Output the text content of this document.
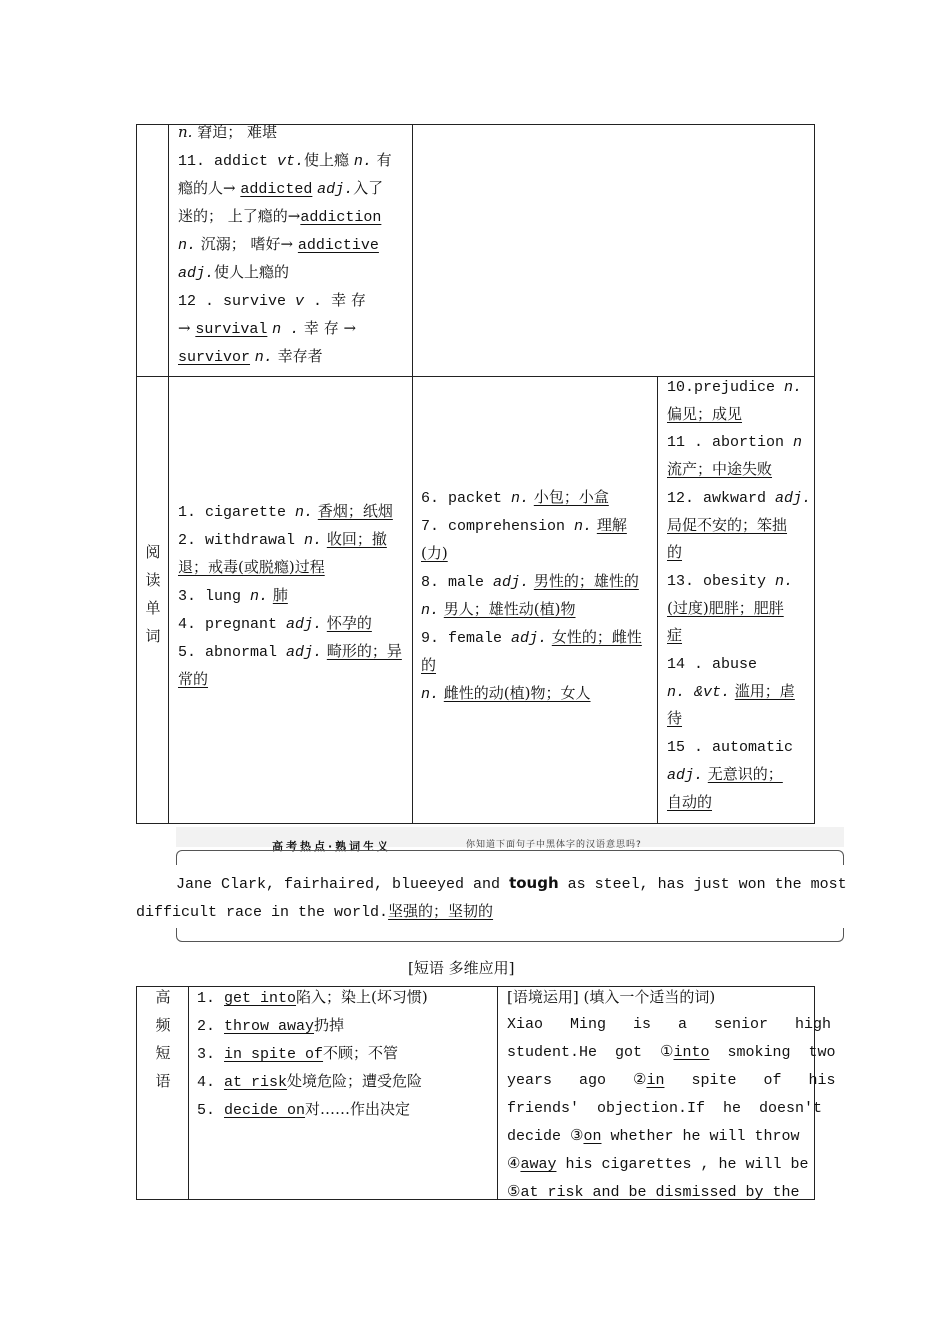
n. 窘迫； 难堪
11. addict vt.使上瘾 n. 有
瘾的人→ addicted adj.入了
迷的； 上了瘾的→addiction
n. 沉溺； 嗜好→ addictive
adj.使人上瘾的
12 . survive v . 幸 存
→ survival n . 幸 存 →
survivor n. 幸存者
阅
读
单
词
1. cigarette n. 香烟；纸烟
2. withdrawal n. 收回；撤
退；戒毒(或脱瘾)过程
3. lung n. 肺
4. pregnant adj. 怀孕的
5. abnormal adj. 畸形的；异
常的
6. packet n. 小包；小盒
7. comprehension n. 理解
(力)
8. male adj. 男性的；雄性的
n. 男人；雄性动(植)物
9. female adj. 女性的；雌性
的
n. 雌性的动(植)物；女人
10.prejudice n.
偏见；成见
11 . abortion n
流产；中途失败
12. awkward adj.
局促不安的；笨拙
的
13. obesity n.
(过度)肥胖；肥胖
症
14 . abuse
n. &vt. 滥用；虐
待
15 . automatic
adj. 无意识的；
自动的
高考热点·熟词生义	你知道下面句子中黑体字的汉语意思吗?
Jane Clark, fairhaired, blueeyed and tough as steel, has just won the most
difficult race in the world.坚强的；坚韧的
[短语 多维应用]
高
频
短
语
1. get into陷入；染上(坏习惯)
2. throw away扔掉
3. in spite of不顾；不管
4. at risk处境危险；遭受危险
5. decide on对……作出决定
[语境运用] (填入一个适当的词)
Xiao   Ming   is   a   senior   high
student.He  got  ①into  smoking  two
years   ago   ②in   spite   of   his
friends'  objection.If  he  doesn't
decide ③on whether he will throw
④away his cigarettes , he will be
⑤at risk and be dismissed by the
